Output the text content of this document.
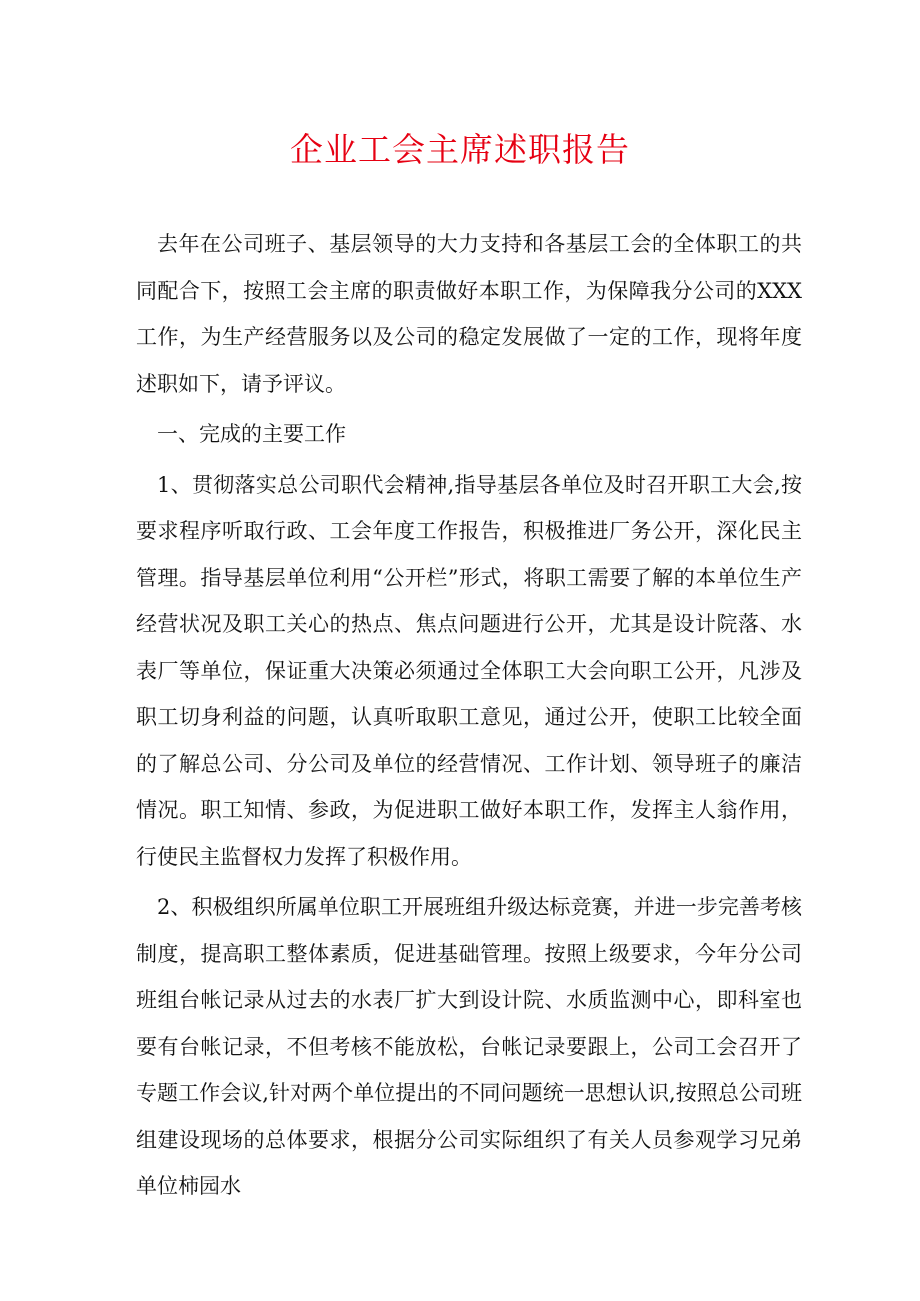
企业工会主席述职报告

去年在公司班子、基层领导的大力支持和各基层工会的全体职工的共同配合下，按照工会主席的职责做好本职工作，为保障我分公司的XXX工作，为生产经营服务以及公司的稳定发展做了一定的工作，现将年度述职如下，请予评议。

一、完成的主要工作

1、贯彻落实总公司职代会精神,指导基层各单位及时召开职工大会,按要求程序听取行政、工会年度工作报告，积极推进厂务公开，深化民主管理。指导基层单位利用“公开栏”形式，将职工需要了解的本单位生产经营状况及职工关心的热点、焦点问题进行公开，尤其是设计院落、水表厂等单位，保证重大决策必须通过全体职工大会向职工公开，凡涉及职工切身利益的问题，认真听取职工意见，通过公开，使职工比较全面的了解总公司、分公司及单位的经营情况、工作计划、领导班子的廉洁情况。职工知情、参政，为促进职工做好本职工作，发挥主人翁作用，行使民主监督权力发挥了积极作用。

2、积极组织所属单位职工开展班组升级达标竞赛，并进一步完善考核制度，提高职工整体素质，促进基础管理。按照上级要求，今年分公司班组台帐记录从过去的水表厂扩大到设计院、水质监测中心，即科室也要有台帐记录，不但考核不能放松，台帐记录要跟上，公司工会召开了专题工作会议,针对两个单位提出的不同问题统一思想认识,按照总公司班组建设现场的总体要求，根据分公司实际组织了有关人员参观学习兄弟单位柿园水
